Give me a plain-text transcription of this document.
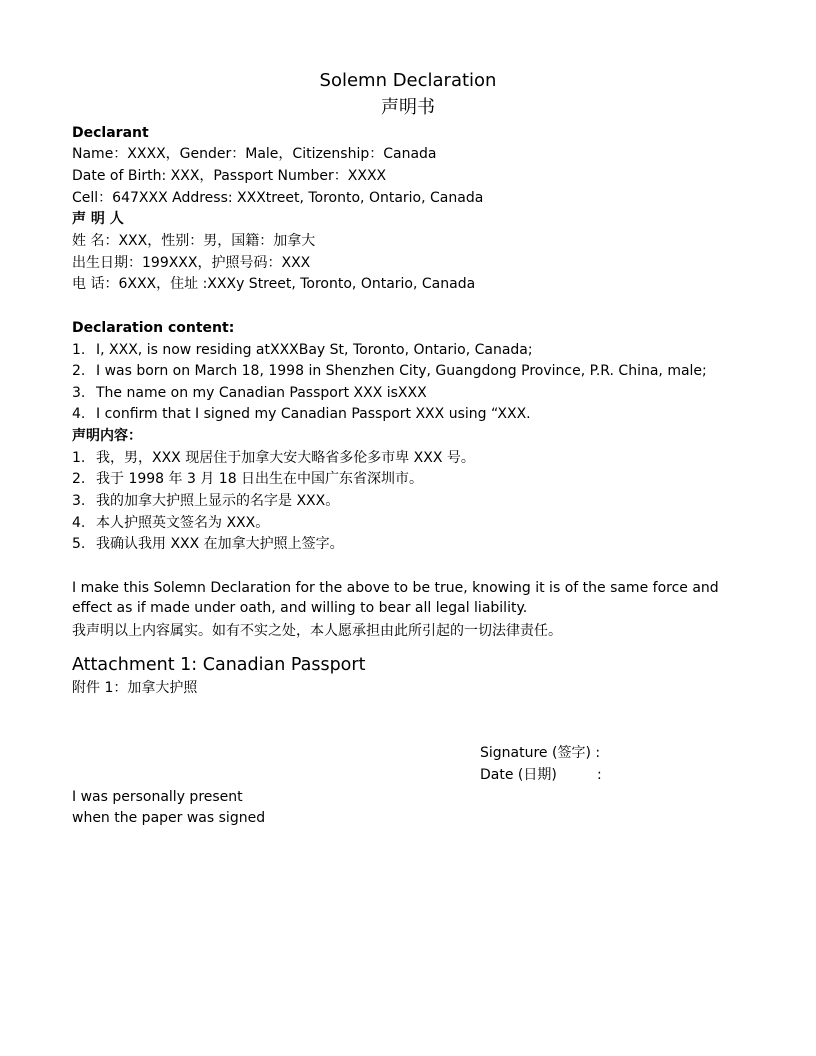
Solemn Declaration
声明书
Declarant
Name：XXXX，Gender：Male，Citizenship：Canada
Date of Birth: XXX，Passport Number：XXXX
Cell：647XXX Address: XXXtreet, Toronto, Ontario, Canada
声 明 人
姓 名：XXX，性别：男，国籍：加拿大
出生日期：199XXX，护照号码：XXX
电 话：6XXX，住址 :XXXy Street, Toronto, Ontario, Canada
Declaration content:
1. I, XXX, is now residing atXXXBay St, Toronto, Ontario, Canada;
2. I was born on March 18, 1998 in Shenzhen City, Guangdong Province, P.R. China, male;
3. The name on my Canadian Passport XXX isXXX
4. I confirm that I signed my Canadian Passport XXX using “XXX.
声明内容：
1. 我，男，XXX 现居住于加拿大安大略省多伦多市卑 XXX 号。
2. 我于 1998 年 3 月 18 日出生在中国广东省深圳市。
3. 我的加拿大护照上显示的名字是 XXX。
4. 本人护照英文签名为 XXX。
5. 我确认我用 XXX 在加拿大护照上签字。
I make this Solemn Declaration for the above to be true, knowing it is of the same force and effect as if made under oath, and willing to bear all legal liability.
我声明以上内容属实。如有不实之处，本人愿承担由此所引起的一切法律责任。
Attachment 1: Canadian Passport
附件 1：加拿大护照
Signature (签字) :
Date (日期)	:
I was personally present
when the paper was signed
